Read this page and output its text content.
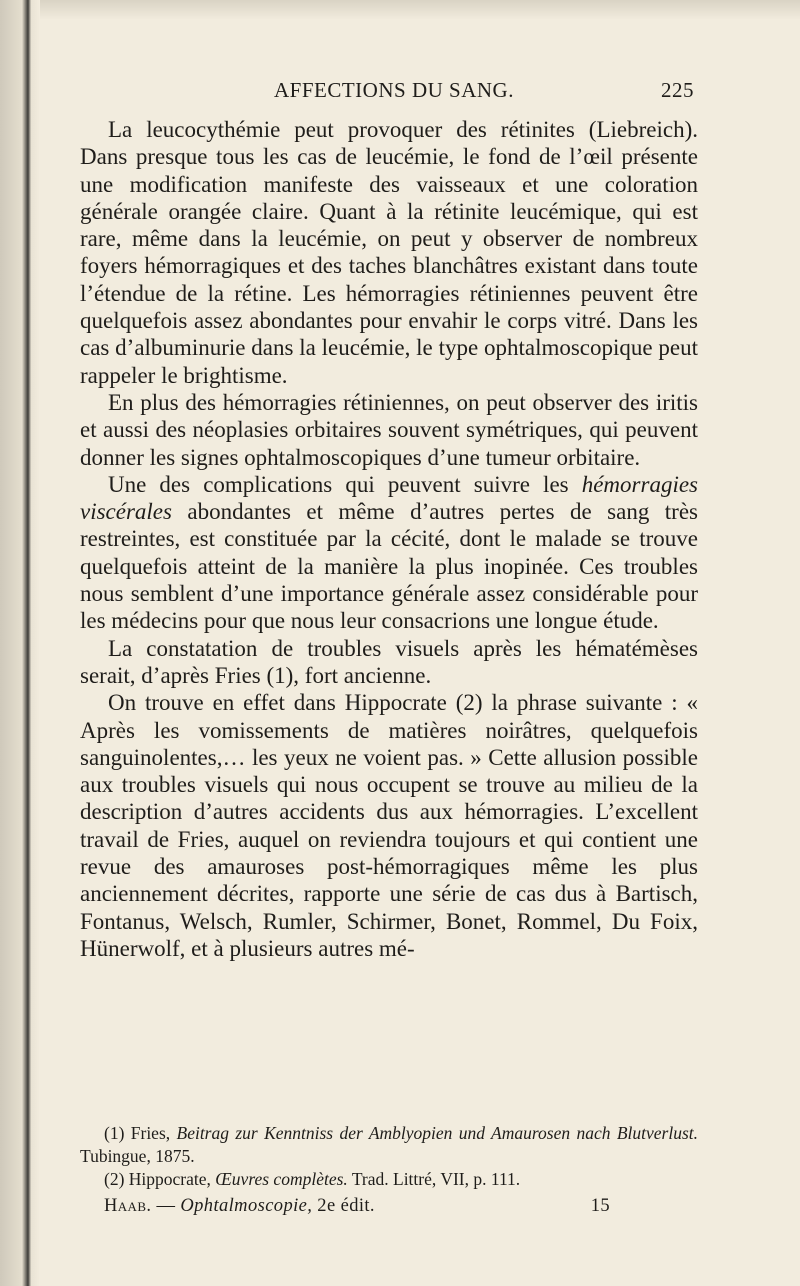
AFFECTIONS DU SANG.	225

La leucocythémie peut provoquer des rétinites (Liebreich). Dans presque tous les cas de leucémie, le fond de l’œil présente une modification manifeste des vaisseaux et une coloration générale orangée claire. Quant à la rétinite leucémique, qui est rare, même dans la leucémie, on peut y observer de nombreux foyers hémorragiques et des taches blanchâtres existant dans toute l’étendue de la rétine. Les hémorragies rétiniennes peuvent être quelquefois assez abondantes pour envahir le corps vitré. Dans les cas d’albuminurie dans la leucémie, le type ophtalmoscopique peut rappeler le brightisme.

En plus des hémorragies rétiniennes, on peut observer des iritis et aussi des néoplasies orbitaires souvent symétriques, qui peuvent donner les signes ophtalmoscopiques d’une tumeur orbitaire.

Une des complications qui peuvent suivre les hémorragies viscérales abondantes et même d’autres pertes de sang très restreintes, est constituée par la cécité, dont le malade se trouve quelquefois atteint de la manière la plus inopinée. Ces troubles nous semblent d’une importance générale assez considérable pour les médecins pour que nous leur consacrions une longue étude.

La constatation de troubles visuels après les hématémèses serait, d’après Fries (1), fort ancienne.

On trouve en effet dans Hippocrate (2) la phrase suivante : « Après les vomissements de matières noirâtres, quelquefois sanguinolentes,… les yeux ne voient pas. » Cette allusion possible aux troubles visuels qui nous occupent se trouve au milieu de la description d’autres accidents dus aux hémorragies. L’excellent travail de Fries, auquel on reviendra toujours et qui contient une revue des amauroses post-hémorragiques même les plus anciennement décrites, rapporte une série de cas dus à Bartisch, Fontanus, Welsch, Rumler, Schirmer, Bonet, Rommel, Du Foix, Hünerwolf, et à plusieurs autres mé-

(1) Fries, Beitrag zur Kenntniss der Amblyopien und Amaurosen nach Blutverlust. Tubingue, 1875.

(2) Hippocrate, Œuvres complètes. Trad. Littré, VII, p. 111.

Haab. — Ophtalmoscopie, 2e édit.	15
